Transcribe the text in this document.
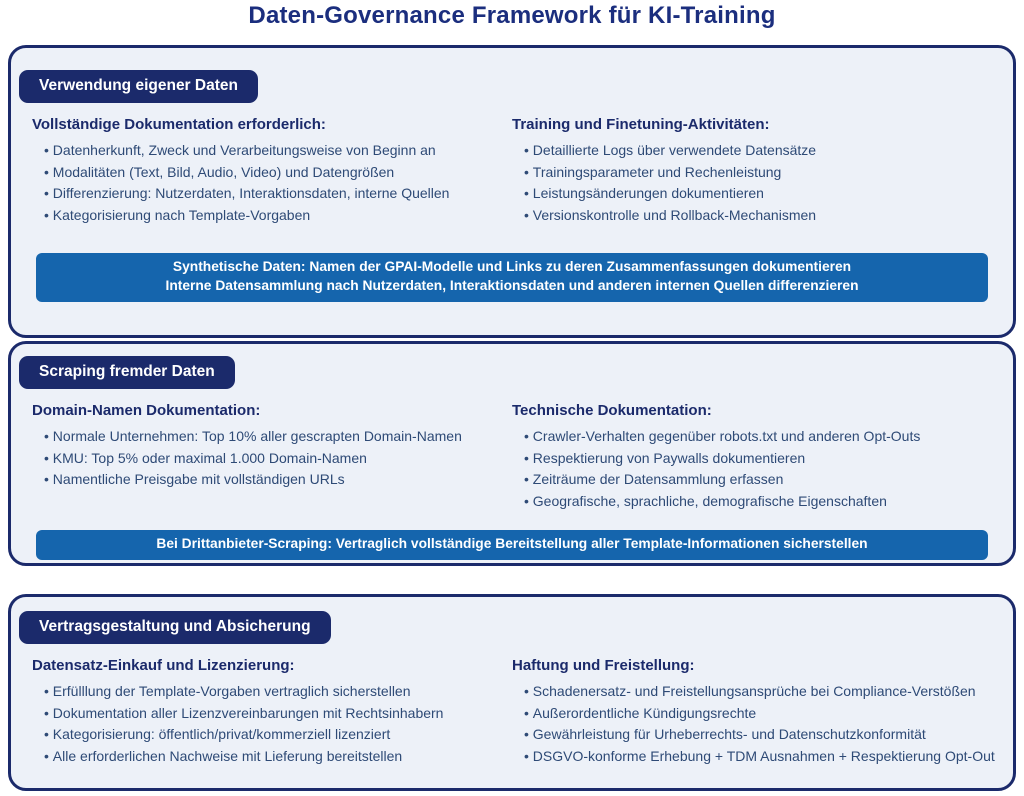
Daten-Governance Framework für KI-Training
Verwendung eigener Daten
Vollständige Dokumentation erforderlich:
• Datenherkunft, Zweck und Verarbeitungsweise von Beginn an
• Modalitäten (Text, Bild, Audio, Video) und Datengrößen
• Differenzierung: Nutzerdaten, Interaktionsdaten, interne Quellen
• Kategorisierung nach Template-Vorgaben
Training und Finetuning-Aktivitäten:
• Detaillierte Logs über verwendete Datensätze
• Trainingsparameter und Rechenleistung
• Leistungsänderungen dokumentieren
• Versionskontrolle und Rollback-Mechanismen
Synthetische Daten: Namen der GPAI-Modelle und Links zu deren Zusammenfassungen dokumentieren
Interne Datensammlung nach Nutzerdaten, Interaktionsdaten und anderen internen Quellen differenzieren
Scraping fremder Daten
Domain-Namen Dokumentation:
• Normale Unternehmen: Top 10% aller gescrapten Domain-Namen
• KMU: Top 5% oder maximal 1.000 Domain-Namen
• Namentliche Preisgabe mit vollständigen URLs
Technische Dokumentation:
• Crawler-Verhalten gegenüber robots.txt und anderen Opt-Outs
• Respektierung von Paywalls dokumentieren
• Zeiträume der Datensammlung erfassen
• Geografische, sprachliche, demografische Eigenschaften
Bei Drittanbieter-Scraping: Vertraglich vollständige Bereitstellung aller Template-Informationen sicherstellen
Vertragsgestaltung und Absicherung
Datensatz-Einkauf und Lizenzierung:
• Erfülllung der Template-Vorgaben vertraglich sicherstellen
• Dokumentation aller Lizenzvereinbarungen mit Rechtsinhabern
• Kategorisierung: öffentlich/privat/kommerziell lizenziert
• Alle erforderlichen Nachweise mit Lieferung bereitstellen
Haftung und Freistellung:
• Schadenersatz- und Freistellungsansprüche bei Compliance-Verstößen
• Außerordentliche Kündigungsrechte
• Gewährleistung für Urheberrechts- und Datenschutzkonformität
• DSGVO-konforme Erhebung + TDM Ausnahmen + Respektierung Opt-Out
